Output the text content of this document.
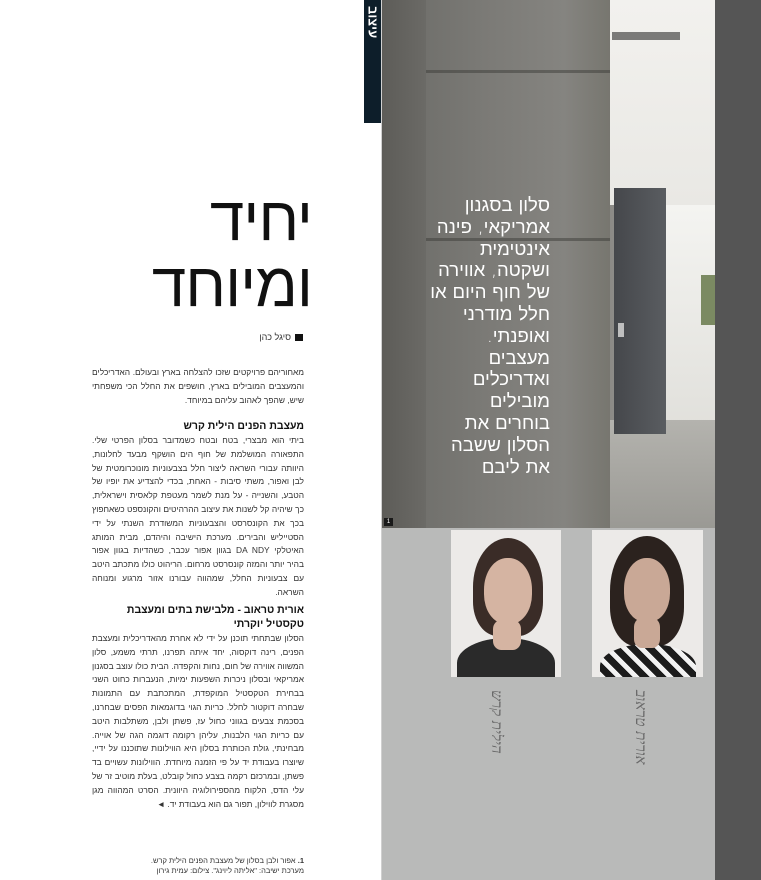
עיצוב
יחיד
ומיוחד
סיגל כהן

מאחוריהם פרויקטים שזכו להצלחה בארץ ובעולם. האדריכלים והמעצבים המובילים בארץ, חושפים את החלל הכי משפחתי שיש, שהפך לאהוב עליהם במיוחד.

מעצבת הפנים הילית קרש

ביתי הוא מבצרי, בטח ובטח כשמדובר בסלון הפרטי שלי. התפאורה המושלמת של חוף הים הושקף מבעד לחלונות, היוותה עבורי השראה ליצור חלל בצבעוניות מונוכרומטית של לבן ואפור, משתי סיבות - האחת, בכדי להצדיע את יופיו של הטבע, והשנייה - על מנת לשמר מעטפת קלאסית וישראלית, כך שיהיה קל לשנות את עיצוב ההרהיטים והקונספט כשאחפוץ בכך את הקונסרסט והצבעוניות המשודרת השנתי על ידי הסטייליש והבירים. מערכת הישיבה והיהדם, מבית המותג האיטלקי DA NDY בגוון אפור עכבר, כשהדיות בגוון אפור בהיר יותר והמזה קונסרסט מרחום. הריהוט כולו מתכתב היטב עם צבעוניות החלל, שמהווה עבורנו אזור מרגוע ומנוחה השראה.

אורית טראוב - מלבישת בתים ומעצבת טקסטיל יוקרתי

הסלון שבתחתי תוכנן על ידי לא אחרת מהאדריכלית ומעצבת הפנים, רינה דוקסוה, יחד איתה תפרנו, תרתי משמע, סלון המשווה אווירה של חום, נחות והקפדה. הבית כולו עוצב בסגנון אמריקאי ובסלון ניכרות השפעות ימיות, הנעברות כחוט השני בבחירת הטקסטיל המוקפדת, המתכתבת עם התמונות שבחרה דוקטור לחלל. כריות הגוי בדוגמאות הפסים שבחרנו, בסכמת צבעים בגווני כחול עז, פשתן ולבן, משתלבות היטב עם כריות הגוי הלבנות, עליהן רקומה דוגמה הגה של אוייה. מבחינתי, גולת הכותרת בסלון היא הווילונות שתוכננו על ידיי, שיוצרו בעבודת יד על פי הזמנה מיוחדת. הווילונות עשויים בד פשתן, ובמרכזם רקמה בצבע כחול קובלט, בעלת מוטיב זר של עלי הדס, הלקוח מהספירולוגיה היוונית. הסרט המהווה מגן מסגרת לווילון, תפור גם הוא בעבודת יד. ◄

1. אפור ולבן בסלון של מעצבת הפנים הילית קרש.
מערכת ישיבה: "אליתה ליוינג". צילום: עמית גירון
1
סלון בסגנון אמריקאי, פינה אינטימית ושקטה, אווירה של חוף היום או חלל מודרני ואופנתי. מעצבים ואדריכלים מובילים בוחרים את הסלון ששבה את ליבם
הילית קרש	אורית טראוב
